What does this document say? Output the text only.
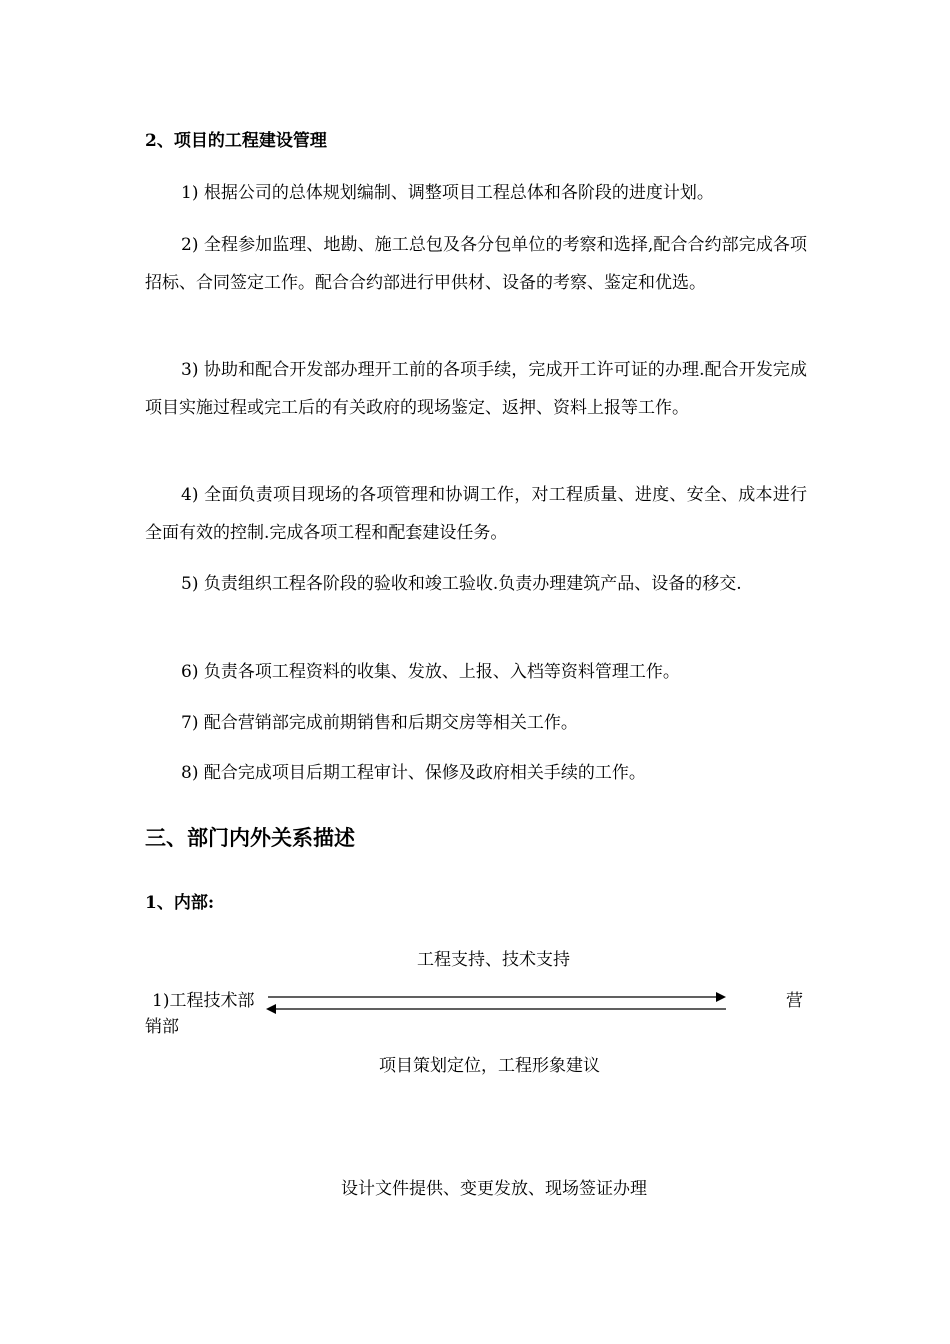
2、项目的工程建设管理
1) 根据公司的总体规划编制、调整项目工程总体和各阶段的进度计划。
2) 全程参加监理、地勘、施工总包及各分包单位的考察和选择,配合合约部完成各项招标、合同签定工作。配合合约部进行甲供材、设备的考察、鉴定和优选。
3) 协助和配合开发部办理开工前的各项手续，完成开工许可证的办理.配合开发完成项目实施过程或完工后的有关政府的现场鉴定、返押、资料上报等工作。
4) 全面负责项目现场的各项管理和协调工作，对工程质量、进度、安全、成本进行全面有效的控制.完成各项工程和配套建设任务。
5) 负责组织工程各阶段的验收和竣工验收.负责办理建筑产品、设备的移交.
6) 负责各项工程资料的收集、发放、上报、入档等资料管理工作。
7) 配合营销部完成前期销售和后期交房等相关工作。
8) 配合完成项目后期工程审计、保修及政府相关手续的工作。
三、部门内外关系描述
1、内部:
工程支持、技术支持
1)工程技术部	营
销部
项目策划定位，工程形象建议
设计文件提供、变更发放、现场签证办理
